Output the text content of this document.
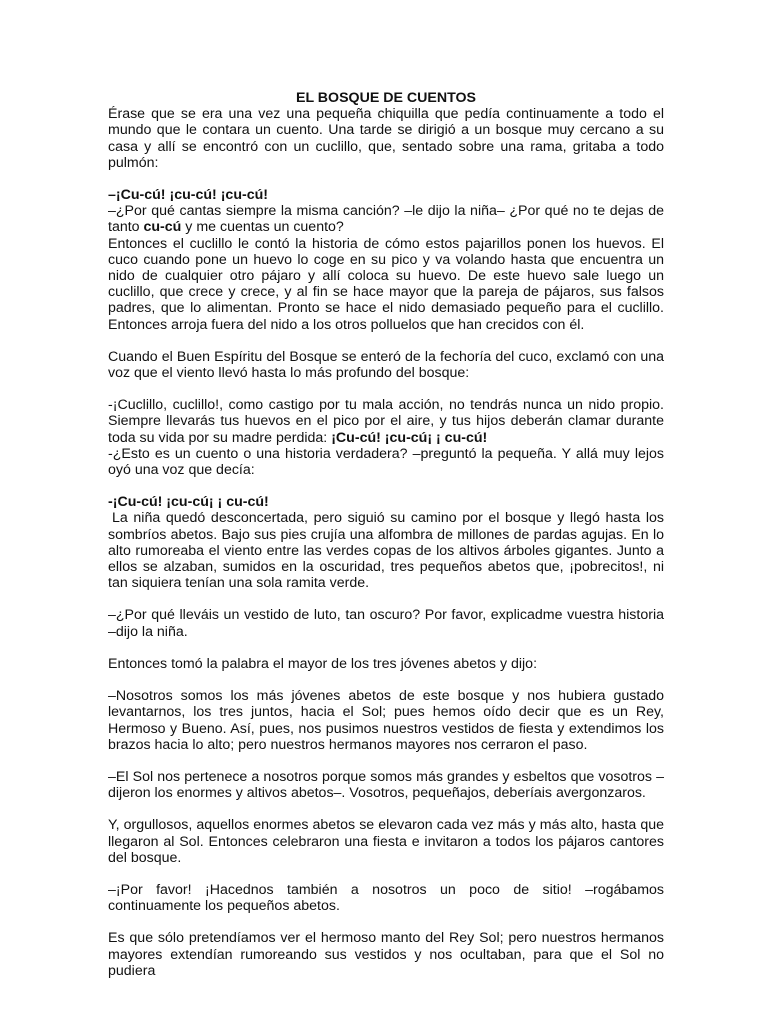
EL BOSQUE DE CUENTOS

Érase que se era una vez una pequeña chiquilla que pedía continuamente a todo el mundo que le contara un cuento. Una tarde se dirigió a un bosque muy cercano a su casa y allí se encontró con un cuclillo, que, sentado sobre una rama, gritaba a todo pulmón:

–¡Cu-cú! ¡cu-cú! ¡cu-cú!

–¿Por qué cantas siempre la misma canción? –le dijo la niña– ¿Por qué no te dejas de tanto cu-cú y me cuentas un cuento?

Entonces el cuclillo le contó la historia de cómo estos pajarillos ponen los huevos. El cuco cuando pone un huevo lo coge en su pico y va volando hasta que encuentra un nido de cualquier otro pájaro y allí coloca su huevo. De este huevo sale luego un cuclillo, que crece y crece, y al fin se hace mayor que la pareja de pájaros, sus falsos padres, que lo alimentan. Pronto se hace el nido demasiado pequeño para el cuclillo. Entonces arroja fuera del nido a los otros polluelos que han crecidos con él.

Cuando el Buen Espíritu del Bosque se enteró de la fechoría del cuco, exclamó con una voz que el viento llevó hasta lo más profundo del bosque:

-¡Cuclillo, cuclillo!, como castigo por tu mala acción, no tendrás nunca un nido propio. Siempre llevarás tus huevos en el pico por el aire, y tus hijos deberán clamar durante toda su vida por su madre perdida: ¡Cu-cú! ¡cu-cú¡ ¡ cu-cú!

-¿Esto es un cuento o una historia verdadera? –preguntó la pequeña. Y allá muy lejos oyó una voz que decía:

-¡Cu-cú! ¡cu-cú¡ ¡ cu-cú!

La niña quedó desconcertada, pero siguió su camino por el bosque y llegó hasta los sombríos abetos. Bajo sus pies crujía una alfombra de millones de pardas agujas. En lo alto rumoreaba el viento entre las verdes copas de los altivos árboles gigantes. Junto a ellos se alzaban, sumidos en la oscuridad, tres pequeños abetos que, ¡pobrecitos!, ni tan siquiera tenían una sola ramita verde.

–¿Por qué lleváis un vestido de luto, tan oscuro? Por favor, explicadme vuestra historia –dijo la niña.

Entonces tomó la palabra el mayor de los tres jóvenes abetos y dijo:

–Nosotros somos los más jóvenes abetos de este bosque y nos hubiera gustado levantarnos, los tres juntos, hacia el Sol; pues hemos oído decir que es un Rey, Hermoso y Bueno. Así, pues, nos pusimos nuestros vestidos de fiesta y extendimos los brazos hacia lo alto; pero nuestros hermanos mayores nos cerraron el paso.

–El Sol nos pertenece a nosotros porque somos más grandes y esbeltos que vosotros –dijeron los enormes y altivos abetos–. Vosotros, pequeñajos, deberíais avergonzaros.

Y, orgullosos, aquellos enormes abetos se elevaron cada vez más y más alto, hasta que llegaron al Sol. Entonces celebraron una fiesta e invitaron a todos los pájaros cantores del bosque.

–¡Por favor! ¡Hacednos también a nosotros un poco de sitio! –rogábamos continuamente los pequeños abetos.

Es que sólo pretendíamos ver el hermoso manto del Rey Sol; pero nuestros hermanos mayores extendían rumoreando sus vestidos y nos ocultaban, para que el Sol no pudiera
